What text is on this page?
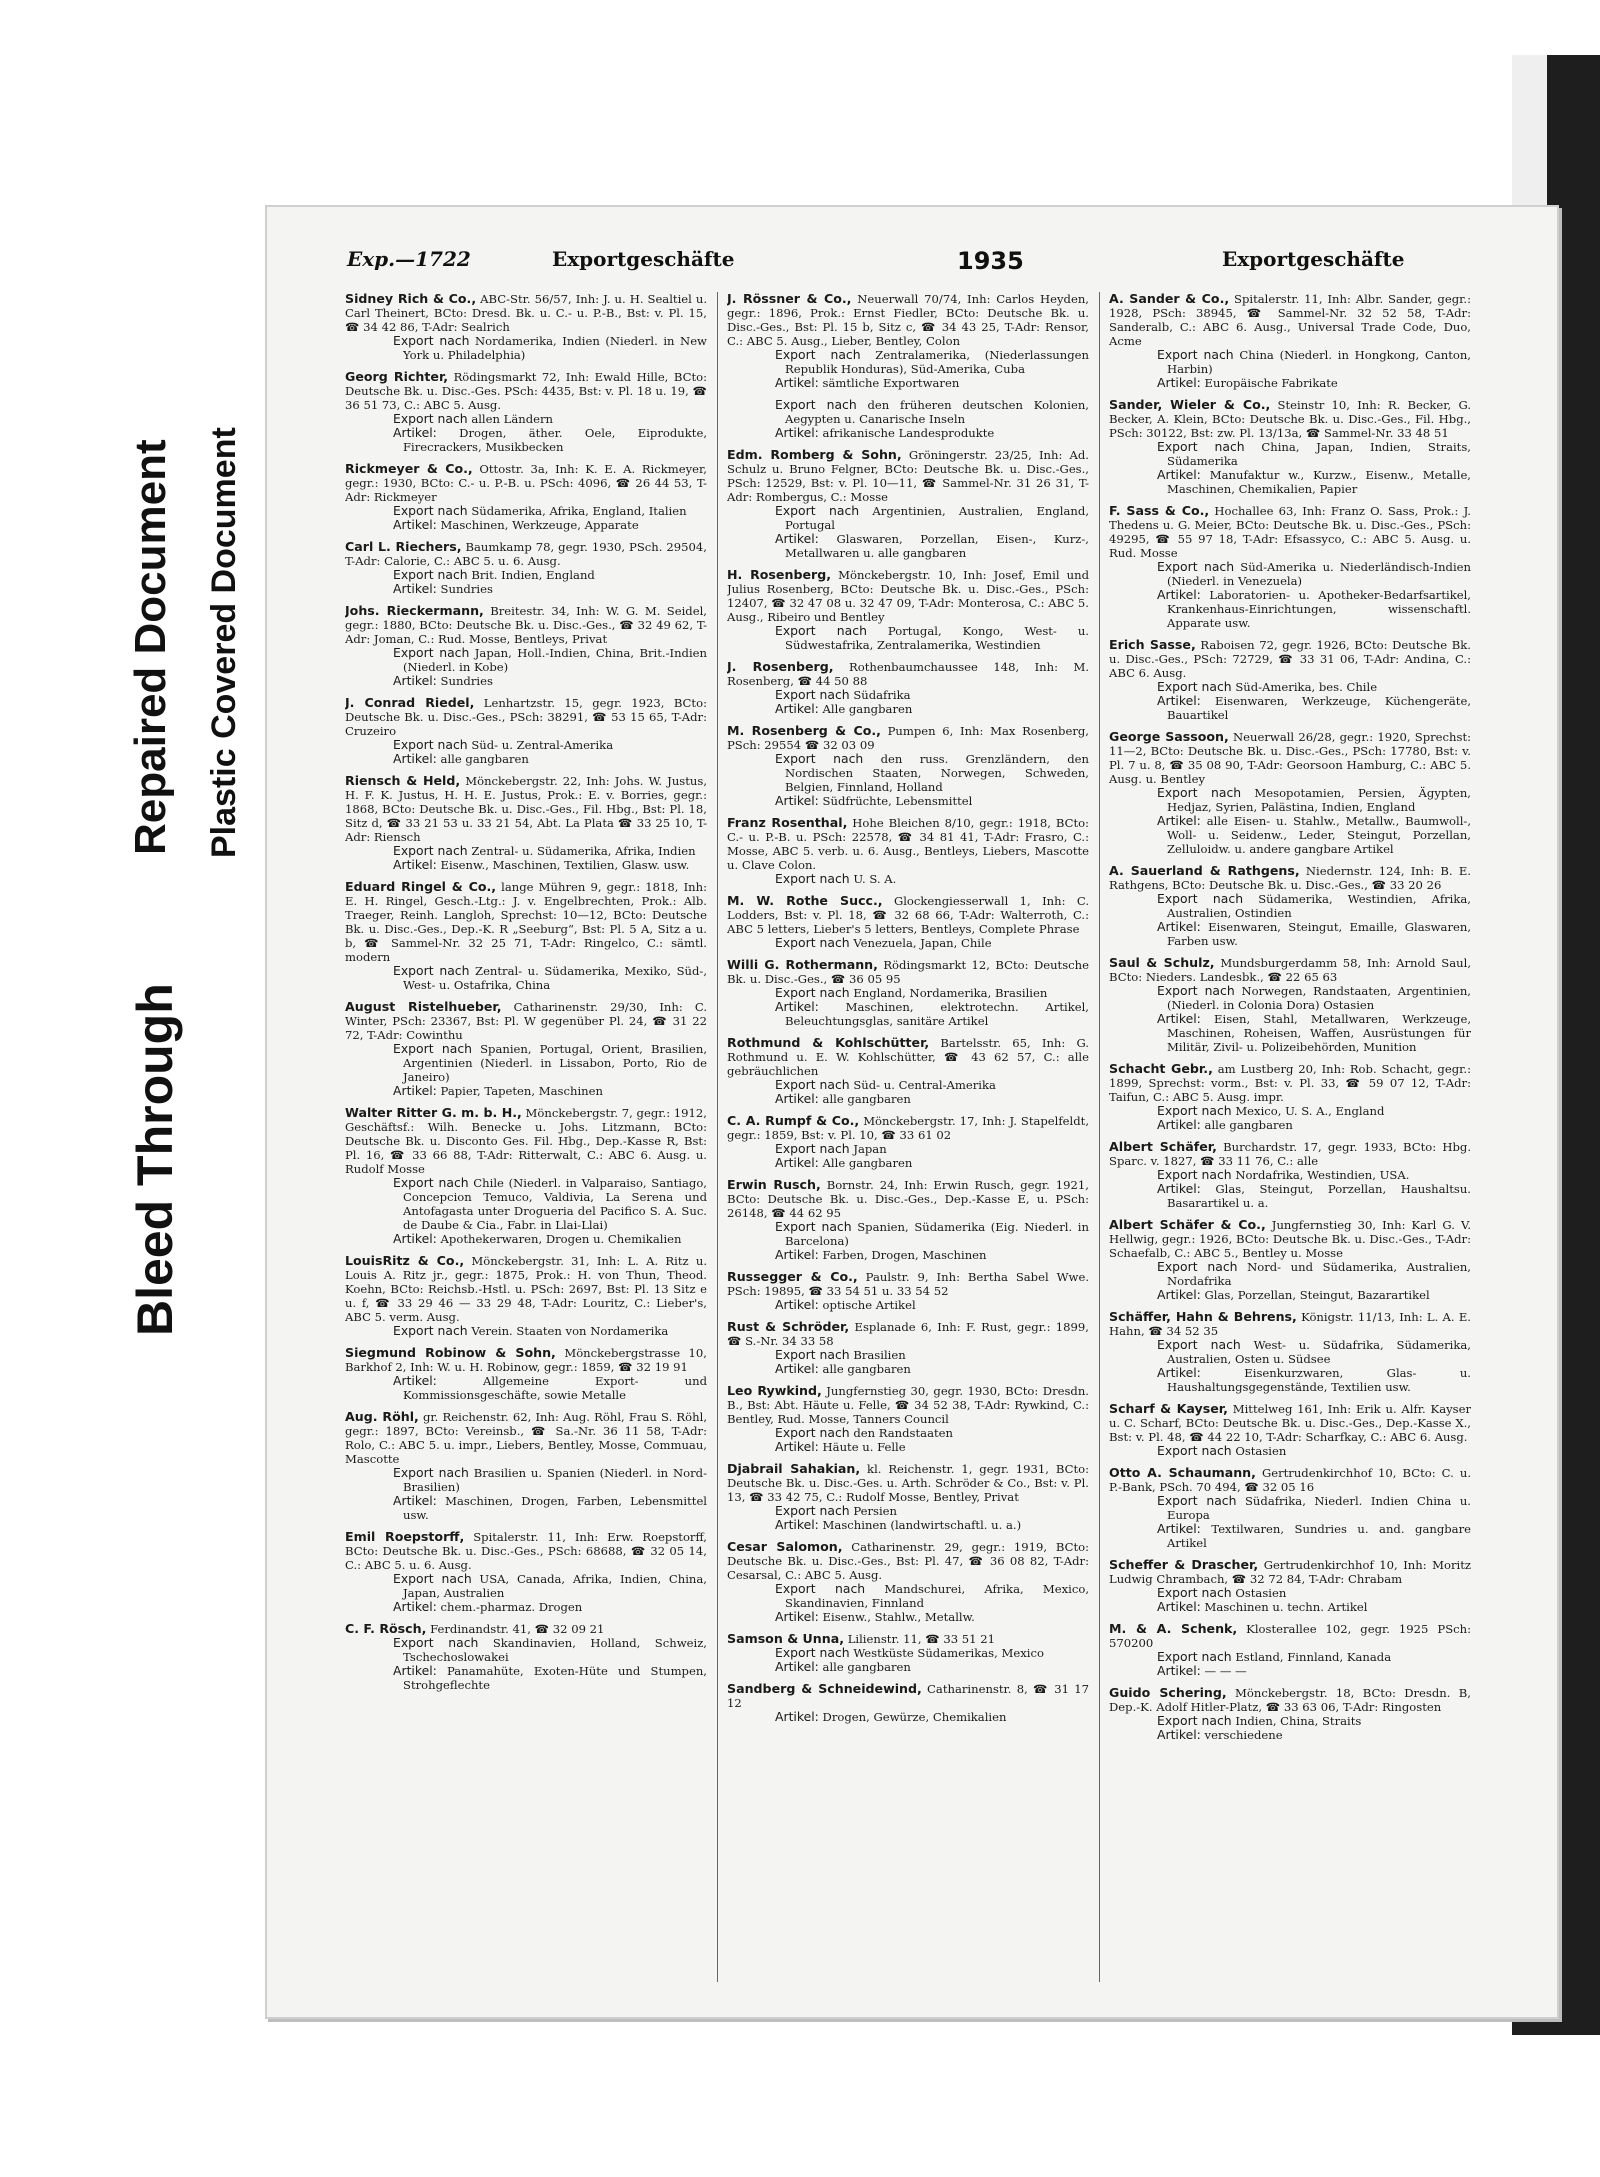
Bleed Through
Repaired Document Plastic Covered Document
Exp.—1722	Exportgeschäfte	1935	Exportgeschäfte
Sidney Rich & Co., ABC-Str. 56/57, Inh: J. u. H. Sealtiel u. Carl Theinert, BCto: Dresd. Bk. u. C.- u. P.-B., Bst: v. Pl. 15, ☎ 34 42 86, T-Adr: Sealrich
Export nach Nordamerika, Indien (Niederl. in New York u. Philadelphia)
Georg Richter, Rödingsmarkt 72, Inh: Ewald Hille, BCto: Deutsche Bk. u. Disc.-Ges. PSch: 4435, Bst: v. Pl. 18 u. 19, ☎ 36 51 73, C.: ABC 5. Ausg.
Export nach allen Ländern
Artikel: Drogen, äther. Oele, Eiprodukte, Firecrackers, Musikbecken
Rickmeyer & Co., Ottostr. 3a, Inh: K. E. A. Rickmeyer, gegr.: 1930, BCto: C.- u. P.-B. u. PSch: 4096, ☎ 26 44 53, T-Adr: Rickmeyer
Export nach Südamerika, Afrika, England, Italien
Artikel: Maschinen, Werkzeuge, Apparate
Carl L. Riechers, Baumkamp 78, gegr. 1930, PSch. 29504, T-Adr: Calorie, C.: ABC 5. u. 6. Ausg.
Export nach Brit. Indien, England
Artikel: Sundries
Johs. Rieckermann, Breitestr. 34, Inh: W. G. M. Seidel, gegr.: 1880, BCto: Deutsche Bk. u. Disc.-Ges., ☎ 32 49 62, T-Adr: Joman, C.: Rud. Mosse, Bentleys, Privat
Export nach Japan, Holl.-Indien, China, Brit.-Indien (Niederl. in Kobe)
Artikel: Sundries
J. Conrad Riedel, Lenhartzstr. 15, gegr. 1923, BCto: Deutsche Bk. u. Disc.-Ges., PSch: 38291, ☎ 53 15 65, T-Adr: Cruzeiro
Export nach Süd- u. Zentral-Amerika
Artikel: alle gangbaren
Riensch & Held, Mönckebergstr. 22, Inh: Johs. W. Justus, H. F. K. Justus, H. H. E. Justus, Prok.: E. v. Borries, gegr.: 1868, BCto: Deutsche Bk. u. Disc.-Ges., Fil. Hbg., Bst: Pl. 18, Sitz d, ☎ 33 21 53 u. 33 21 54, Abt. La Plata ☎ 33 25 10, T-Adr: Riensch
Export nach Zentral- u. Südamerika, Afrika, Indien
Artikel: Eisenw., Maschinen, Textilien, Glasw. usw.
Eduard Ringel & Co., lange Mühren 9, gegr.: 1818, Inh: E. H. Ringel, Gesch.-Ltg.: J. v. Engelbrechten, Prok.: Alb. Traeger, Reinh. Langloh, Sprechst: 10—12, BCto: Deutsche Bk. u. Disc.-Ges., Dep.-K. R „Seeburg“, Bst: Pl. 5 A, Sitz a u. b, ☎ Sammel-Nr. 32 25 71, T-Adr: Ringelco, C.: sämtl. modern
Export nach Zentral- u. Südamerika, Mexiko, Süd-, West- u. Ostafrika, China
August Ristelhueber, Catharinenstr. 29/30, Inh: C. Winter, PSch: 23367, Bst: Pl. W gegenüber Pl. 24, ☎ 31 22 72, T-Adr: Cowinthu
Export nach Spanien, Portugal, Orient, Brasilien, Argentinien (Niederl. in Lissabon, Porto, Rio de Janeiro)
Artikel: Papier, Tapeten, Maschinen
Walter Ritter G. m. b. H., Mönckebergstr. 7, gegr.: 1912, Geschäftsf.: Wilh. Benecke u. Johs. Litzmann, BCto: Deutsche Bk. u. Disconto Ges. Fil. Hbg., Dep.-Kasse R, Bst: Pl. 16, ☎ 33 66 88, T-Adr: Ritterwalt, C.: ABC 6. Ausg. u. Rudolf Mosse
Export nach Chile (Niederl. in Valparaiso, Santiago, Concepcion Temuco, Valdivia, La Serena und Antofagasta unter Drogueria del Pacifico S. A. Suc. de Daube & Cia., Fabr. in Llai-Llai)
Artikel: Apothekerwaren, Drogen u. Chemikalien
LouisRitz & Co., Mönckebergstr. 31, Inh: L. A. Ritz u. Louis A. Ritz jr., gegr.: 1875, Prok.: H. von Thun, Theod. Koehn, BCto: Reichsb.-Hstl. u. PSch: 2697, Bst: Pl. 13 Sitz e u. f, ☎ 33 29 46 — 33 29 48, T-Adr: Louritz, C.: Lieber's, ABC 5. verm. Ausg.
Export nach Verein. Staaten von Nordamerika
Siegmund Robinow & Sohn, Mönckebergstrasse 10, Barkhof 2, Inh: W. u. H. Robinow, gegr.: 1859, ☎ 32 19 91
Artikel:	Allgemeine Export- und Kommissionsgeschäfte, sowie Metalle
Aug. Röhl, gr. Reichenstr. 62, Inh: Aug. Röhl, Frau S. Röhl, gegr.: 1897, BCto: Vereinsb., ☎ Sa.-Nr. 36 11 58, T-Adr: Rolo, C.: ABC 5. u. impr., Liebers, Bentley, Mosse, Commuau, Mascotte
Export nach Brasilien u. Spanien (Niederl. in Nord-Brasilien)
Artikel: Maschinen, Drogen, Farben, Lebensmittel usw.
Emil Roepstorff, Spitalerstr. 11, Inh: Erw. Roepstorff, BCto: Deutsche Bk. u. Disc.-Ges., PSch: 68688, ☎ 32 05 14, C.: ABC 5. u. 6. Ausg.
Export nach USA, Canada, Afrika, Indien, China, Japan, Australien
Artikel: chem.-pharmaz. Drogen
C. F. Rösch, Ferdinandstr. 41, ☎ 32 09 21
Export nach Skandinavien, Holland, Schweiz, Tschechoslowakei
Artikel: Panamahüte, Exoten-Hüte und Stumpen, Strohgeflechte
J. Rössner & Co., Neuerwall 70/74, Inh: Carlos Heyden, gegr.: 1896, Prok.: Ernst Fiedler, BCto: Deutsche Bk. u. Disc.-Ges., Bst: Pl. 15 b, Sitz c, ☎ 34 43 25, T-Adr: Rensor, C.: ABC 5. Ausg., Lieber, Bentley, Colon
Export nach Zentralamerika, (Niederlassungen Republik Honduras), Süd-Amerika, Cuba
Artikel: sämtliche Exportwaren
Export nach den früheren deutschen Kolonien, Aegypten u. Canarische Inseln
Artikel: afrikanische Landesprodukte
Edm. Romberg & Sohn, Gröningerstr. 23/25, Inh: Ad. Schulz u. Bruno Felgner, BCto: Deutsche Bk. u. Disc.-Ges., PSch: 12529, Bst: v. Pl. 10—11, ☎ Sammel-Nr. 31 26 31, T-Adr: Rombergus, C.: Mosse
Export nach Argentinien, Australien, England, Portugal
Artikel: Glaswaren, Porzellan, Eisen-, Kurz-, Metallwaren u. alle gangbaren
H. Rosenberg, Mönckebergstr. 10, Inh: Josef, Emil und Julius Rosenberg, BCto: Deutsche Bk. u. Disc.-Ges., PSch: 12407, ☎ 32 47 08 u. 32 47 09, T-Adr: Monterosa, C.: ABC 5. Ausg., Ribeiro und Bentley
Export nach Portugal, Kongo, West- u. Südwestafrika, Zentralamerika, Westindien
J. Rosenberg, Rothenbaumchaussee 148, Inh: M. Rosenberg, ☎ 44 50 88
Export nach Südafrika
Artikel: Alle gangbaren
M. Rosenberg & Co., Pumpen 6, Inh: Max Rosenberg, PSch: 29554 ☎ 32 03 09
Export nach den russ. Grenzländern, den Nordischen Staaten, Norwegen, Schweden, Belgien, Finnland, Holland
Artikel: Südfrüchte, Lebensmittel
Franz Rosenthal, Hohe Bleichen 8/10, gegr.: 1918, BCto: C.- u. P.-B. u. PSch: 22578, ☎ 34 81 41, T-Adr: Frasro, C.: Mosse, ABC 5. verb. u. 6. Ausg., Bentleys, Liebers, Mascotte u. Clave Colon.
Export nach U. S. A.
M. W. Rothe Succ., Glockengiesserwall 1, Inh: C. Lodders, Bst: v. Pl. 18, ☎ 32 68 66, T-Adr: Walterroth, C.: ABC 5 letters, Lieber's 5 letters, Bentleys, Complete Phrase
Export nach Venezuela, Japan, Chile
Willi G. Rothermann, Rödingsmarkt 12, BCto: Deutsche Bk. u. Disc.-Ges., ☎ 36 05 95
Export nach England, Nordamerika, Brasilien
Artikel: Maschinen, elektrotechn. Artikel, Beleuchtungsglas, sanitäre Artikel
Rothmund & Kohlschütter, Bartelsstr. 65, Inh: G. Rothmund u. E. W. Kohlschütter, ☎ 43 62 57, C.: alle gebräuchlichen
Export nach Süd- u. Central-Amerika
Artikel: alle gangbaren
C. A. Rumpf & Co., Mönckebergstr. 17, Inh: J. Stapelfeldt, gegr.: 1859, Bst: v. Pl. 10, ☎ 33 61 02
Export nach Japan
Artikel: Alle gangbaren
Erwin Rusch, Bornstr. 24, Inh: Erwin Rusch, gegr. 1921, BCto: Deutsche Bk. u. Disc.-Ges., Dep.-Kasse E, u. PSch: 26148, ☎ 44 62 95
Export nach Spanien, Südamerika (Eig. Niederl. in Barcelona)
Artikel: Farben, Drogen, Maschinen
Russegger & Co., Paulstr. 9, Inh: Bertha Sabel Wwe. PSch: 19895, ☎ 33 54 51 u. 33 54 52
Artikel: optische Artikel
Rust & Schröder, Esplanade 6, Inh: F. Rust, gegr.: 1899, ☎ S.-Nr. 34 33 58
Export nach Brasilien
Artikel: alle gangbaren
Leo Rywkind, Jungfernstieg 30, gegr. 1930, BCto: Dresdn. B., Bst: Abt. Häute u. Felle, ☎ 34 52 38, T-Adr: Rywkind, C.: Bentley, Rud. Mosse, Tanners Council
Export nach den Randstaaten
Artikel: Häute u. Felle
Djabrail Sahakian, kl. Reichenstr. 1, gegr. 1931, BCto: Deutsche Bk. u. Disc.-Ges. u. Arth. Schröder & Co., Bst: v. Pl. 13, ☎ 33 42 75, C.: Rudolf Mosse, Bentley, Privat
Export nach Persien
Artikel: Maschinen (landwirtschaftl. u. a.)
Cesar Salomon, Catharinenstr. 29, gegr.: 1919, BCto: Deutsche Bk. u. Disc.-Ges., Bst: Pl. 47, ☎ 36 08 82, T-Adr: Cesarsal, C.: ABC 5. Ausg.
Export nach Mandschurei, Afrika, Mexico, Skandinavien, Finnland
Artikel: Eisenw., Stahlw., Metallw.
Samson & Unna, Lilienstr. 11, ☎ 33 51 21
Export nach Westküste Südamerikas, Mexico
Artikel: alle gangbaren
Sandberg & Schneidewind, Catharinenstr. 8, ☎ 31 17 12
Artikel: Drogen, Gewürze, Chemikalien
A. Sander & Co., Spitalerstr. 11, Inh: Albr. Sander, gegr.: 1928, PSch: 38945, ☎ Sammel-Nr. 32 52 58, T-Adr: Sanderalb, C.: ABC 6. Ausg., Universal Trade Code, Duo, Acme
Export nach China (Niederl. in Hongkong, Canton, Harbin)
Artikel: Europäische Fabrikate
Sander, Wieler & Co., Steinstr 10, Inh: R. Becker, G. Becker, A. Klein, BCto: Deutsche Bk. u. Disc.-Ges., Fil. Hbg., PSch: 30122, Bst: zw. Pl. 13/13a, ☎ Sammel-Nr. 33 48 51
Export nach China, Japan, Indien, Straits, Südamerika
Artikel: Manufaktur w., Kurzw., Eisenw., Metalle, Maschinen, Chemikalien, Papier
F. Sass & Co., Hochallee 63, Inh: Franz O. Sass, Prok.: J. Thedens u. G. Meier, BCto: Deutsche Bk. u. Disc.-Ges., PSch: 49295, ☎ 55 97 18, T-Adr: Efsassyco, C.: ABC 5. Ausg. u. Rud. Mosse
Export nach Süd-Amerika u. Niederländisch-Indien (Niederl. in Venezuela)
Artikel: Laboratorien- u. Apotheker-Bedarfsartikel, Krankenhaus-Einrichtungen, wissenschaftl. Apparate usw.
Erich Sasse, Raboisen 72, gegr. 1926, BCto: Deutsche Bk. u. Disc.-Ges., PSch: 72729, ☎ 33 31 06, T-Adr: Andina, C.: ABC 6. Ausg.
Export nach Süd-Amerika, bes. Chile
Artikel: Eisenwaren, Werkzeuge, Küchengeräte, Bauartikel
George Sassoon, Neuerwall 26/28, gegr.: 1920, Sprechst: 11—2, BCto: Deutsche Bk. u. Disc.-Ges., PSch: 17780, Bst: v. Pl. 7 u. 8, ☎ 35 08 90, T-Adr: Georsoon Hamburg, C.: ABC 5. Ausg. u. Bentley
Export nach Mesopotamien, Persien, Ägypten, Hedjaz, Syrien, Palästina, Indien, England
Artikel: alle Eisen- u. Stahlw., Metallw., Baumwoll-, Woll- u. Seidenw., Leder, Steingut, Porzellan, Zelluloidw. u. andere gangbare Artikel
A. Sauerland & Rathgens, Niedernstr. 124, Inh: B. E. Rathgens, BCto: Deutsche Bk. u. Disc.-Ges., ☎ 33 20 26
Export nach Südamerika, Westindien, Afrika, Australien, Ostindien
Artikel: Eisenwaren, Steingut, Emaille, Glaswaren, Farben usw.
Saul & Schulz, Mundsburgerdamm 58, Inh: Arnold Saul, BCto: Nieders. Landesbk., ☎ 22 65 63
Export nach Norwegen, Randstaaten, Argentinien, (Niederl. in Colonia Dora) Ostasien
Artikel: Eisen, Stahl, Metallwaren, Werkzeuge, Maschinen, Roheisen, Waffen, Ausrüstungen für Militär, Zivil- u. Polizeibehörden, Munition
Schacht Gebr., am Lustberg 20, Inh: Rob. Schacht, gegr.: 1899, Sprechst: vorm., Bst: v. Pl. 33, ☎ 59 07 12, T-Adr: Taifun, C.: ABC 5. Ausg. impr.
Export nach Mexico, U. S. A., England
Artikel: alle gangbaren
Albert Schäfer, Burchardstr. 17, gegr. 1933, BCto: Hbg. Sparc. v. 1827, ☎ 33 11 76, C.: alle
Export nach Nordafrika, Westindien, USA.
Artikel: Glas, Steingut, Porzellan, Haushaltsu. Basarartikel u. a.
Albert Schäfer & Co., Jungfernstieg 30, Inh: Karl G. V. Hellwig, gegr.: 1926, BCto: Deutsche Bk. u. Disc.-Ges., T-Adr: Schaefalb, C.: ABC 5., Bentley u. Mosse
Export nach Nord- und Südamerika, Australien, Nordafrika
Artikel: Glas, Porzellan, Steingut, Bazarartikel
Schäffer, Hahn & Behrens, Königstr. 11/13, Inh: L. A. E. Hahn, ☎ 34 52 35
Export nach West- u. Südafrika, Südamerika, Australien, Osten u. Südsee
Artikel:	Eisenkurzwaren, Glas- u. Haushaltungsgegenstände, Textilien usw.
Scharf & Kayser, Mittelweg 161, Inh: Erik u. Alfr. Kayser u. C. Scharf, BCto: Deutsche Bk. u. Disc.-Ges., Dep.-Kasse X., Bst: v. Pl. 48, ☎ 44 22 10, T-Adr: Scharfkay, C.: ABC 6. Ausg.
Export nach Ostasien
Otto A. Schaumann, Gertrudenkirchhof 10, BCto: C. u. P.-Bank, PSch. 70 494, ☎ 32 05 16
Export nach Südafrika, Niederl. Indien China u. Europa
Artikel: Textilwaren, Sundries u. and. gangbare Artikel
Scheffer & Drascher, Gertrudenkirchhof 10, Inh: Moritz Ludwig Chrambach, ☎ 32 72 84, T-Adr: Chrabam
Export nach Ostasien
Artikel: Maschinen u. techn. Artikel
M. & A. Schenk, Klosterallee 102, gegr. 1925 PSch: 570200
Export nach Estland, Finnland, Kanada
Artikel: — — —
Guido Schering, Mönckebergstr. 18, BCto: Dresdn. B, Dep.-K. Adolf Hitler-Platz, ☎ 33 63 06, T-Adr: Ringosten
Export nach Indien, China, Straits
Artikel: verschiedene
